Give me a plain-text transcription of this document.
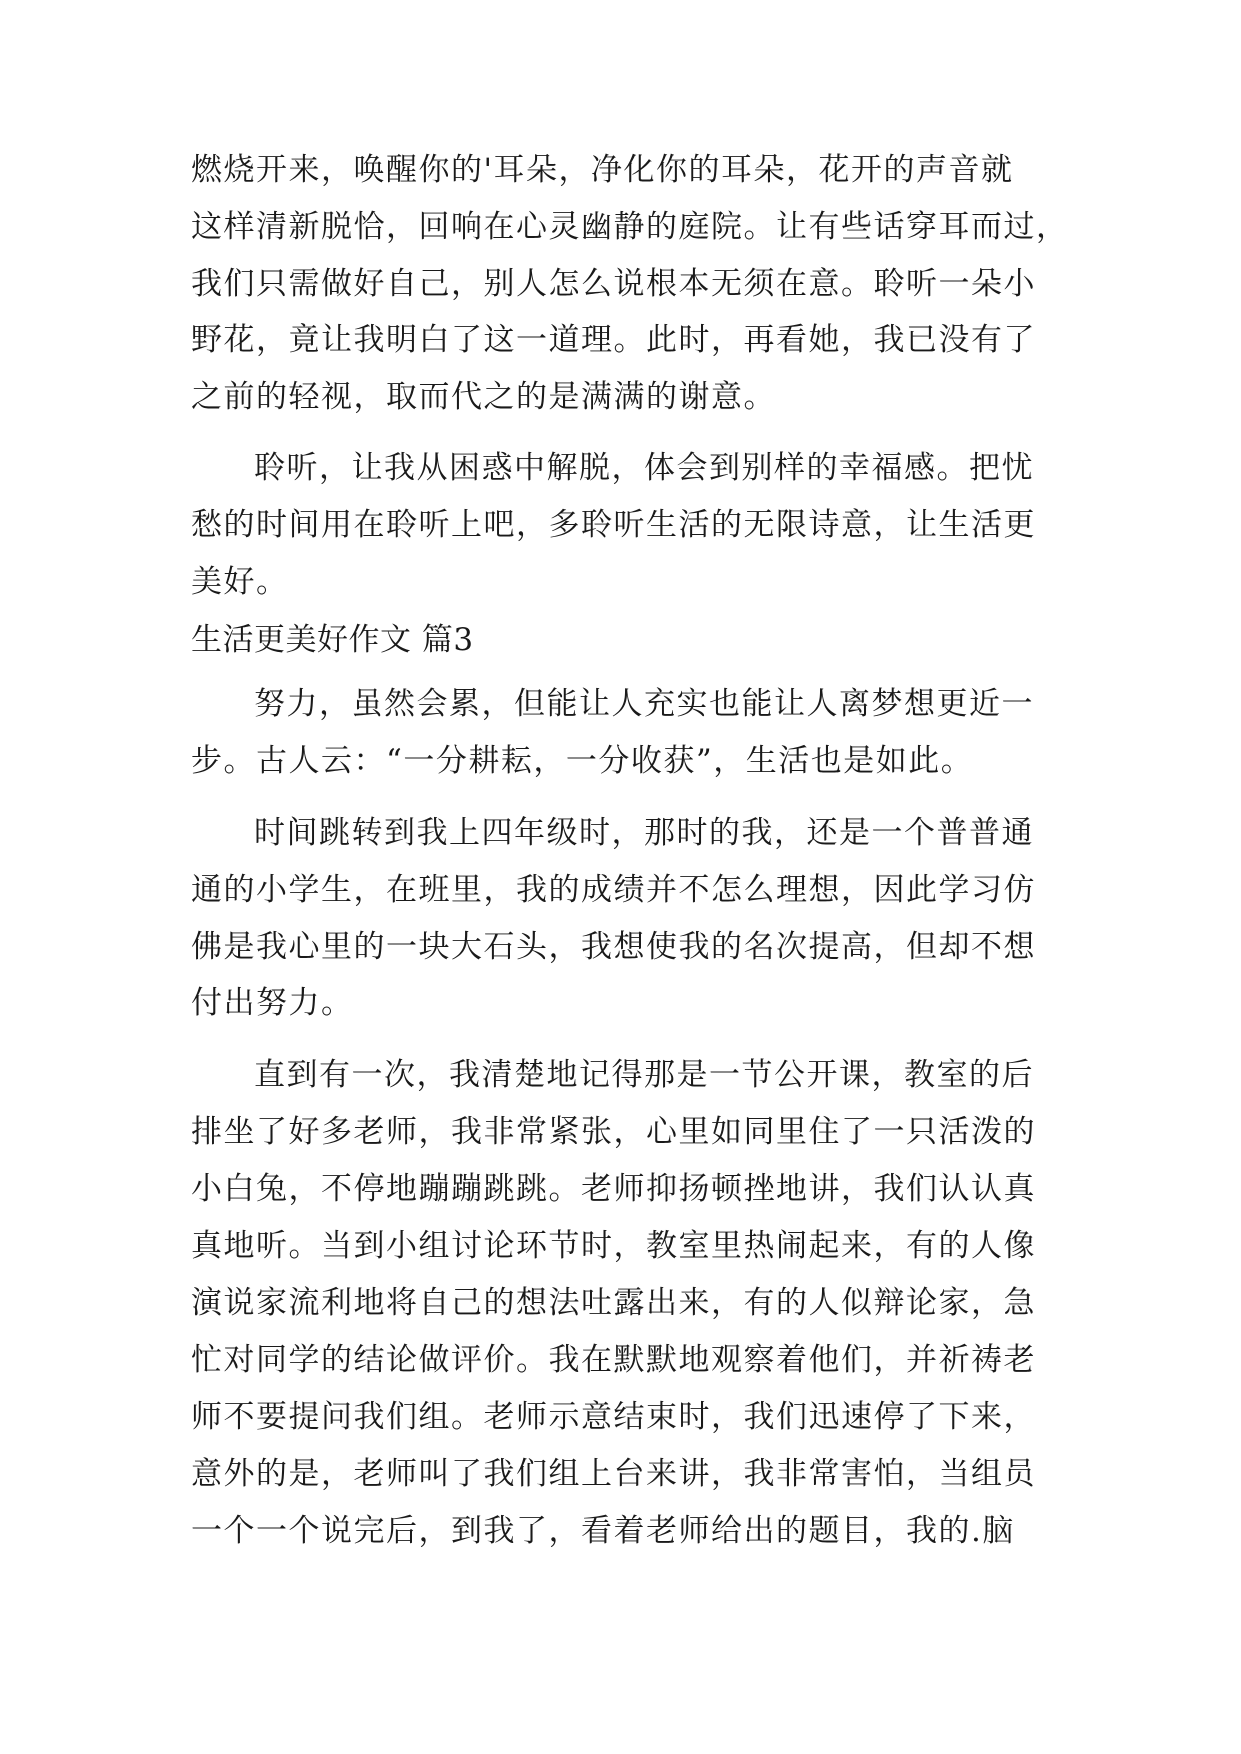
燃烧开来，唤醒你的'耳朵，净化你的耳朵，花开的声音就
这样清新脱恰，回响在心灵幽静的庭院。让有些话穿耳而过，
我们只需做好自己，别人怎么说根本无须在意。聆听一朵小
野花，竟让我明白了这一道理。此时，再看她，我已没有了
之前的轻视，取而代之的是满满的谢意。
聆听，让我从困惑中解脱，体会到别样的幸福感。把忧
愁的时间用在聆听上吧，多聆听生活的无限诗意，让生活更
美好。
生活更美好作文 篇3
努力，虽然会累，但能让人充实也能让人离梦想更近一
步。古人云：“一分耕耘，一分收获”，生活也是如此。
时间跳转到我上四年级时，那时的我，还是一个普普通
通的小学生，在班里，我的成绩并不怎么理想，因此学习仿
佛是我心里的一块大石头，我想使我的名次提高，但却不想
付出努力。
直到有一次，我清楚地记得那是一节公开课，教室的后
排坐了好多老师，我非常紧张，心里如同里住了一只活泼的
小白兔，不停地蹦蹦跳跳。老师抑扬顿挫地讲，我们认认真
真地听。当到小组讨论环节时，教室里热闹起来，有的人像
演说家流利地将自己的想法吐露出来，有的人似辩论家，急
忙对同学的结论做评价。我在默默地观察着他们，并祈祷老
师不要提问我们组。老师示意结束时，我们迅速停了下来，
意外的是，老师叫了我们组上台来讲，我非常害怕，当组员
一个一个说完后，到我了，看着老师给出的题目，我的.脑
